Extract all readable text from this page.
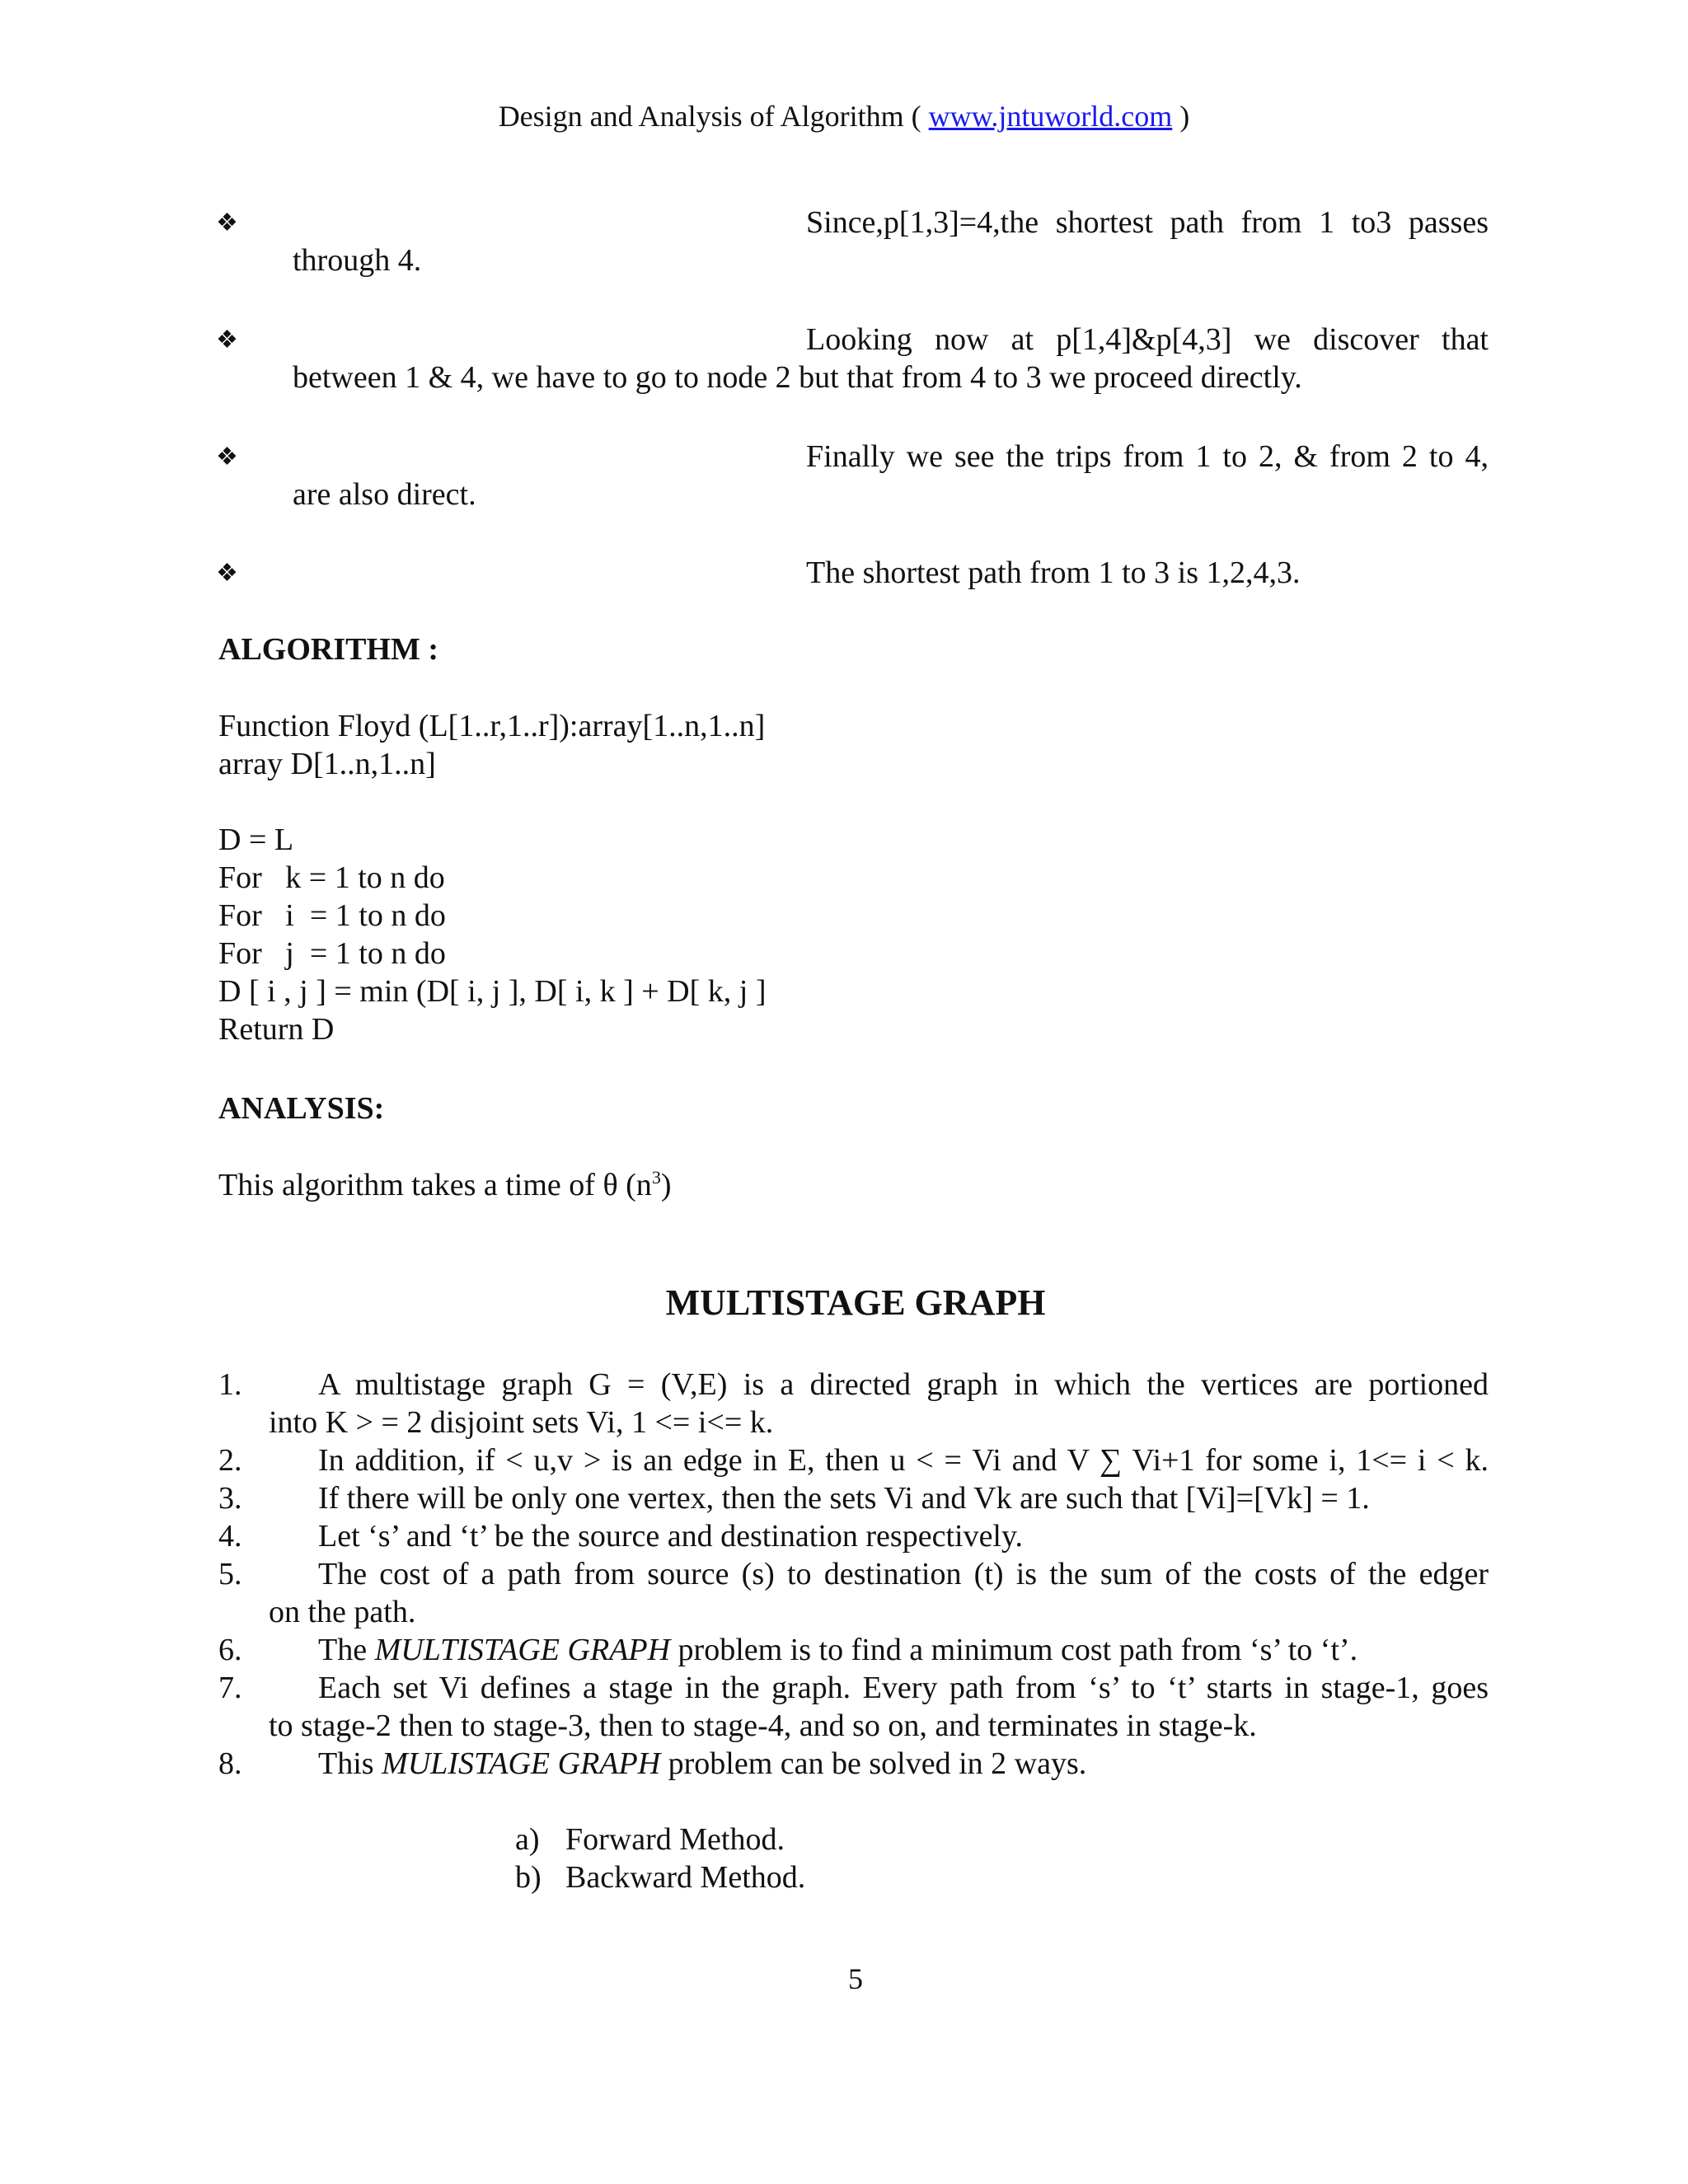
Design and Analysis of Algorithm ( www.jntuworld.com )
❖	Since,p[1,3]=4,the shortest path from 1 to3 passes
through 4.
❖	Looking now at p[1,4]&p[4,3] we discover that
between 1 & 4, we have to go to node 2 but that from 4 to 3 we proceed directly.
❖	Finally we see the trips from 1 to 2, & from 2 to 4,
are also direct.
❖	The shortest path from 1 to 3 is 1,2,4,3.
ALGORITHM :
Function Floyd (L[1..r,1..r]):array[1..n,1..n]
array D[1..n,1..n]
D = L
For   k = 1 to n do
For   i  = 1 to n do
For   j  = 1 to n do
D [ i , j ] = min (D[ i, j ], D[ i, k ] + D[ k, j ]
Return D
ANALYSIS:
This algorithm takes a time of θ $(n^3)$
MULTISTAGE GRAPH
1. A multistage graph G = (V,E) is a directed graph in which the vertices are portioned
into K > = 2 disjoint sets Vi, 1 <= i<= k.
2. In addition, if < u,v > is an edge in E, then u < = Vi and V ∑ Vi+1 for some i, 1<= i < k.
3. If there will be only one vertex, then the sets Vi and Vk are such that [Vi]=[Vk] = 1.
4. Let ‘s’ and ‘t’ be the source and destination respectively.
5. The cost of a path from source (s) to destination (t) is the sum of the costs of the edger
on the path.
6. The MULTISTAGE GRAPH problem is to find a minimum cost path from ‘s’ to ‘t’.
7. Each set Vi defines a stage in the graph. Every path from ‘s’ to ‘t’ starts in stage-1, goes
to stage-2 then to stage-3, then to stage-4, and so on, and terminates in stage-k.
8. This MULISTAGE GRAPH problem can be solved in 2 ways.
a) Forward Method.
b) Backward Method.
5
